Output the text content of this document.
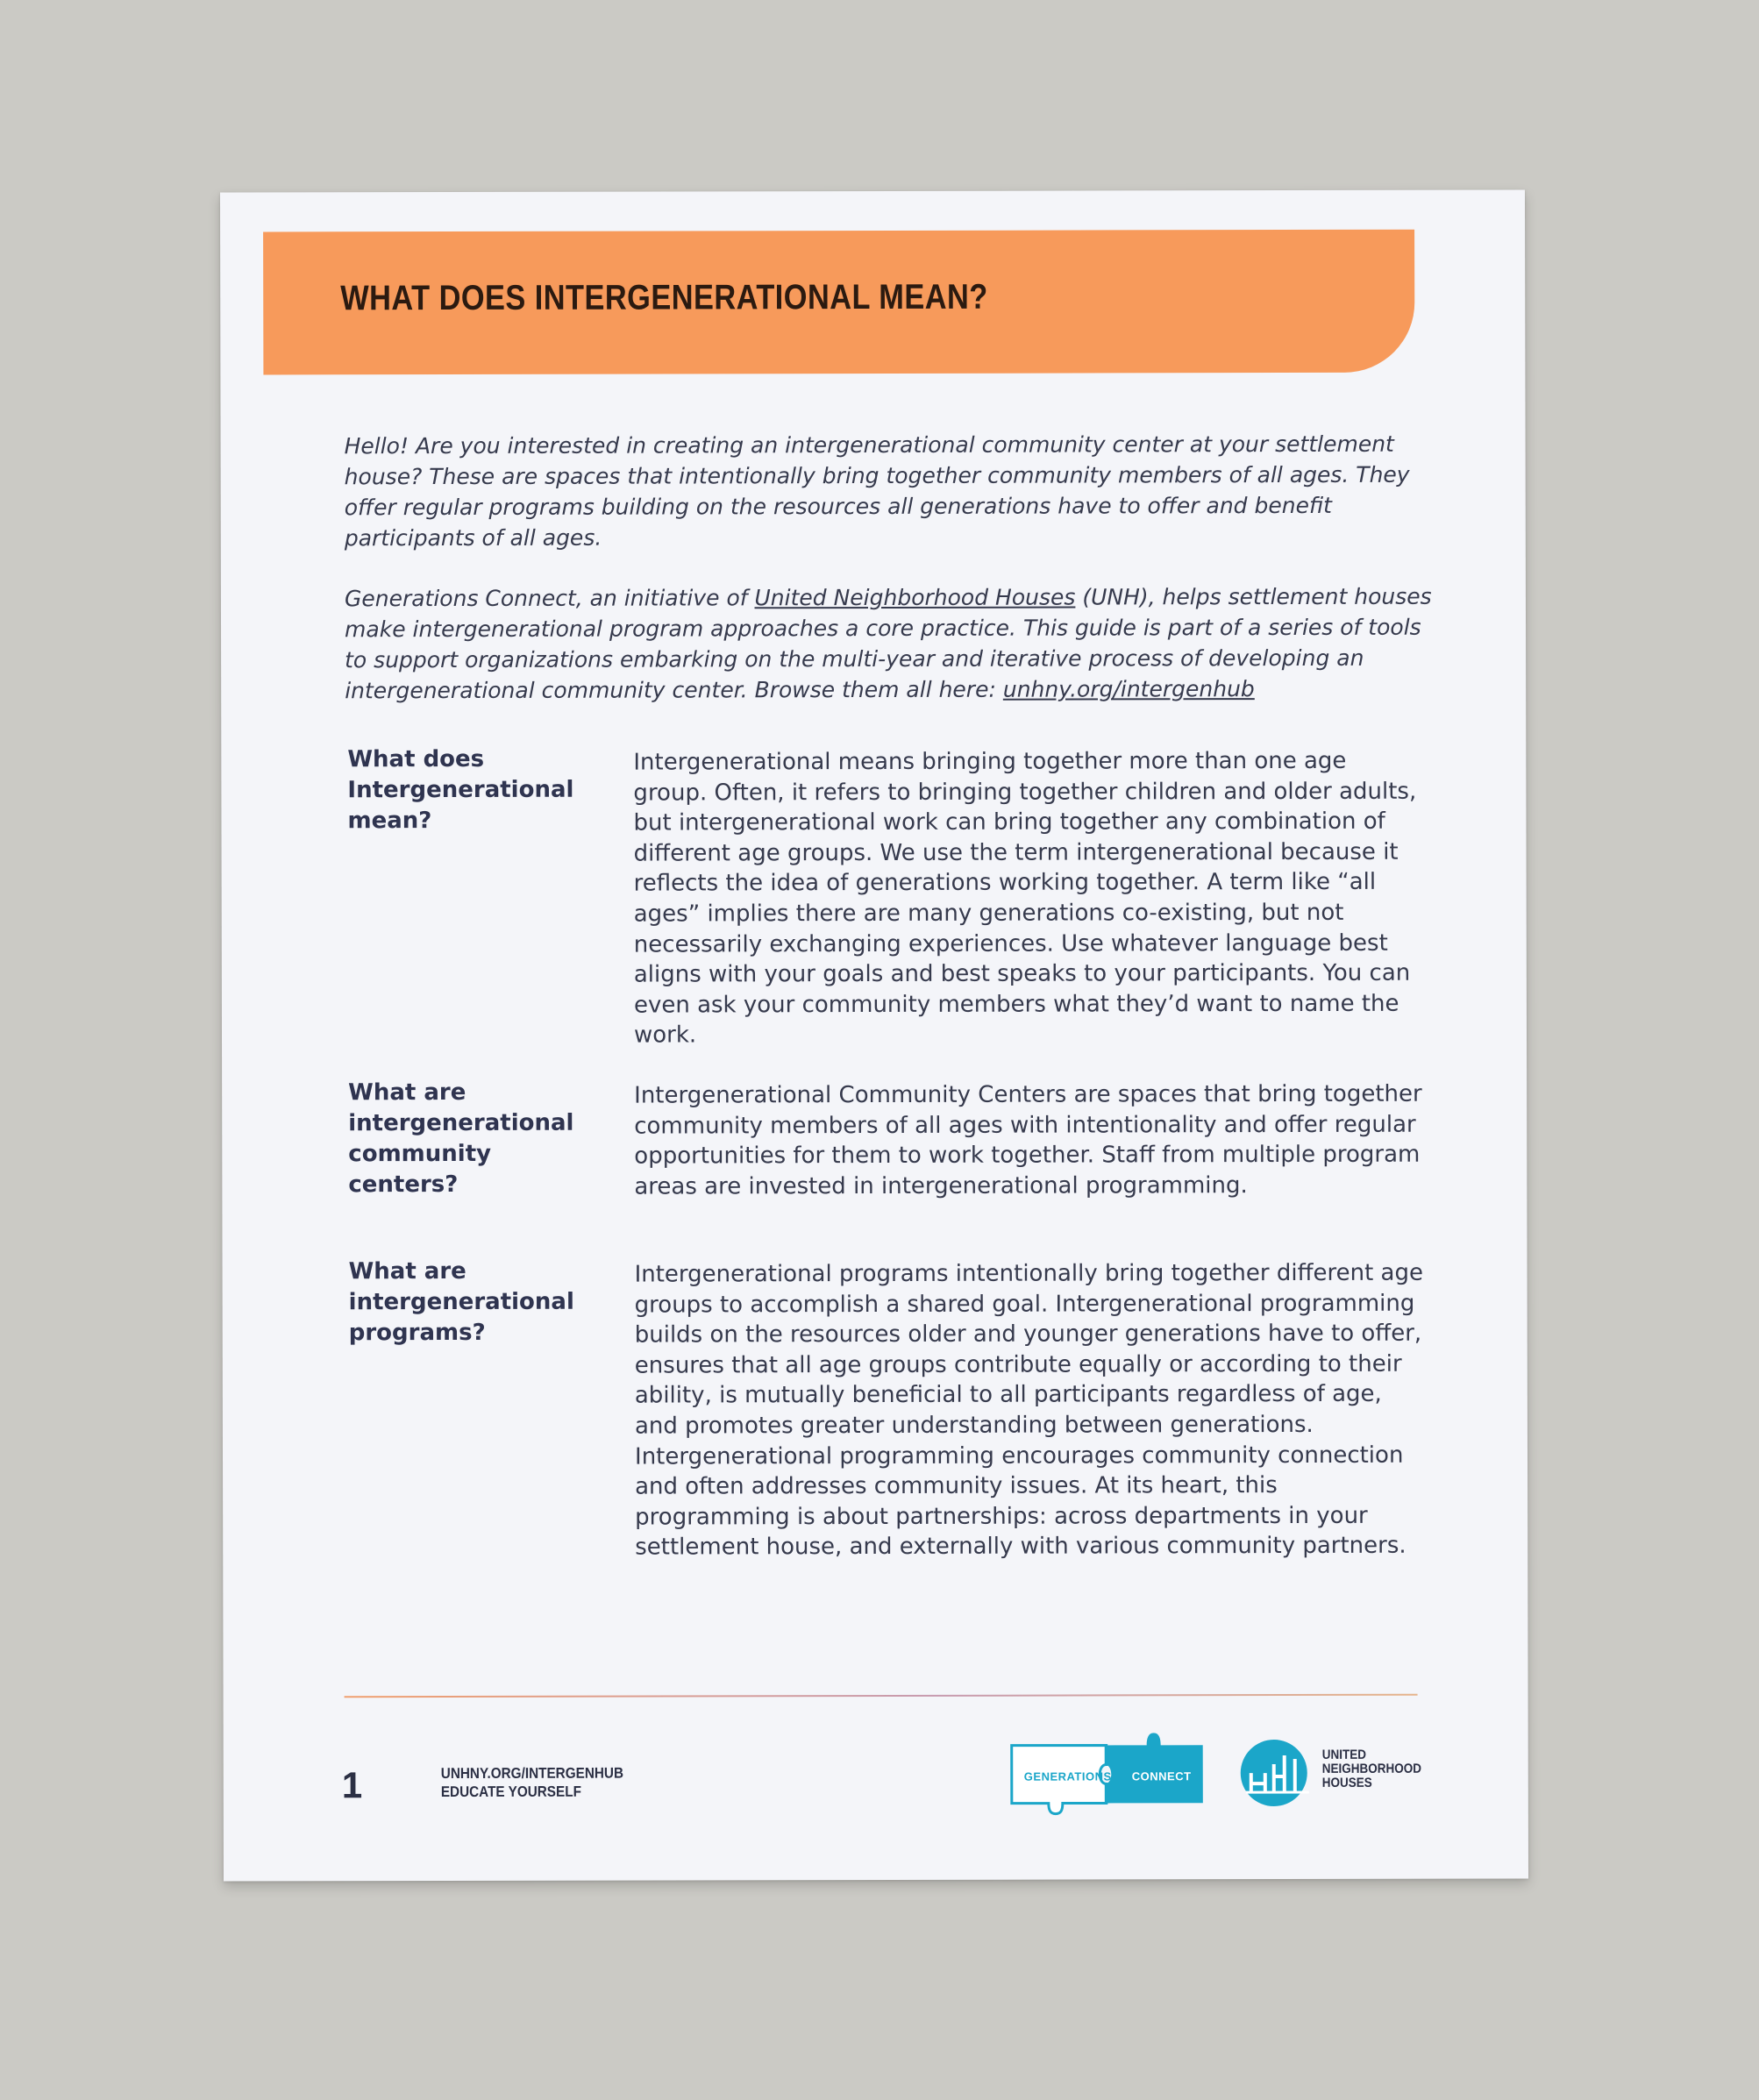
WHAT DOES INTERGENERATIONAL MEAN?

Hello! Are you interested in creating an intergenerational community center at your settlement house? These are spaces that intentionally bring together community members of all ages. They offer regular programs building on the resources all generations have to offer and benefit participants of all ages.

Generations Connect, an initiative of United Neighborhood Houses (UNH), helps settlement houses make intergenerational program approaches a core practice. This guide is part of a series of tools to support organizations embarking on the multi-year and iterative process of developing an intergenerational community center. Browse them all here: unhny.org/intergenhub

What does Intergenerational mean?
Intergenerational means bringing together more than one age group. Often, it refers to bringing together children and older adults, but intergenerational work can bring together any combination of different age groups. We use the term intergenerational because it reflects the idea of generations working together. A term like “all ages” implies there are many generations co-existing, but not necessarily exchanging experiences. Use whatever language best aligns with your goals and best speaks to your participants. You can even ask your community members what they’d want to name the work.
What are intergenerational community centers?
Intergenerational Community Centers are spaces that bring together community members of all ages with intentionality and offer regular opportunities for them to work together. Staff from multiple program areas are invested in intergenerational programming.
What are intergenerational programs?
Intergenerational programs intentionally bring together different age groups to accomplish a shared goal. Intergenerational programming builds on the resources older and younger generations have to offer, ensures that all age groups contribute equally or according to their ability, is mutually beneficial to all participants regardless of age, and promotes greater understanding between generations. Intergenerational programming encourages community connection and often addresses community issues. At its heart, this programming is about partnerships: across departments in your settlement house, and externally with various community partners.
1	UNHNY.ORG/INTERGENHUB
EDUCATE YOURSELF
GENERATIONS CONNECT
UNITED
NEIGHBORHOOD
HOUSES
